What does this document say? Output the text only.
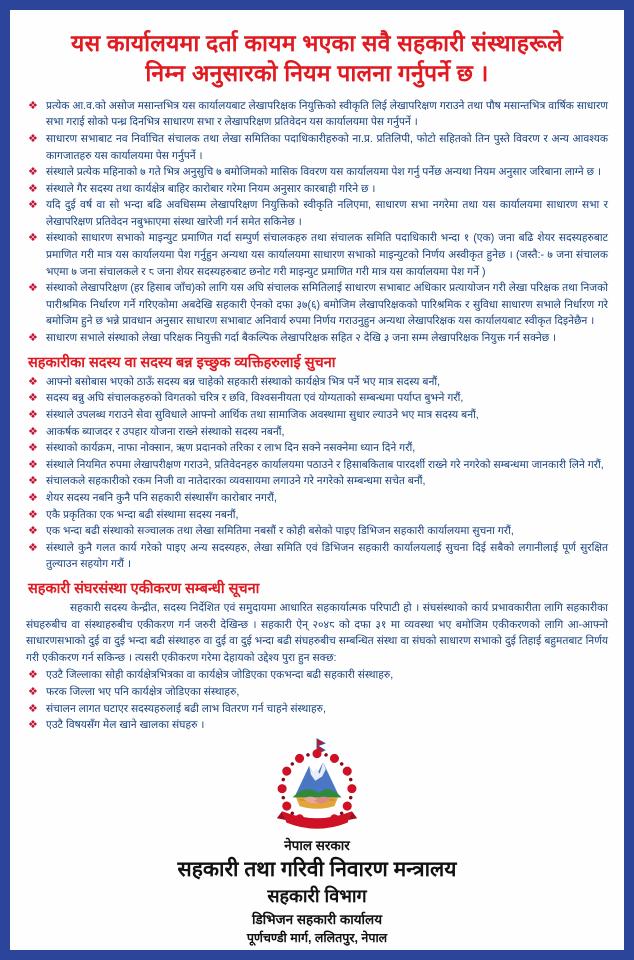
यस कार्यालयमा दर्ता कायम भएका सवै सहकारी संस्थाहरूले
निम्न अनुसारको नियम पालना गर्नुपर्ने छ ।
❖ प्रत्येक आ.व.को असोज मसान्तभित्र यस कार्यालयबाट लेखापरिक्षक नियुक्तिको स्वीकृति लिई लेखापरिक्षण गराउने तथा पौष मसान्तभित्र वार्षिक साधारण सभा गराई सोको पन्ध्र दिनभित्र साधारण सभा र लेखापरिक्षण प्रतिवेदन यस कार्यालयमा पेस गर्नुपर्ने ।
❖ साधारण सभाबाट नव निर्वाचित संचालक तथा लेखा समितिका पदाधिकारीहरुको ना.प्र. प्रतिलिपी, फोटो सहितको तिन पुस्ते विवरण र अन्य आवश्यक कागजातहरु यस कार्यालयमा पेस गर्नुपर्ने ।
❖ संस्थाले प्रत्येक महिनाको ७ गते भित्र अनुसुचि ७ बमोजिमको मासिक विवरण यस कार्यालयमा पेश गर्नु पर्नेछ अन्यथा नियम अनुसार जरिबाना लाग्ने छ ।
❖ संस्थाले गैर सदस्य तथा कार्यक्षेत्र बाहिर कारोबार गरेमा नियम अनुसार कारबाही गरिने छ ।
❖ यदि दुई वर्ष वा सो भन्दा बढि अवधिसम्म लेखापरिक्षण नियुक्तिको स्वीकृति नलिएमा, साधारण सभा नगरेमा तथा यस कार्यालयमा साधारण सभा र लेखापरिक्षण प्रतिवेदन नबुझाएमा संस्था खारेजी गर्न समेत सकिनेछ ।
❖ संस्थाको साधारण सभाको माइन्युट प्रमाणित गर्दा सम्पुर्ण संचालकहरु तथा संचालक समिति पदाधिकारी भन्दा १ (एक) जना बढि शेयर सदस्यहरुबाट प्रमाणित गरी मात्र यस कार्यालयमा पेश गर्नुहुन अन्यथा यस कार्यालयमा साधारण सभाको माइन्युटको निर्णय अस्वीकृत हुनेछ । (जस्तै:- ७ जना संचालक भएमा ७ जना संचालकले र ८ जना शेयर सदस्यहरुबाट छनोट गरी माइन्युट प्रमाणित गरी मात्र यस कार्यालयमा पेश गर्ने )
❖ संस्थाको लेखापरिक्षण (हर हिसाब जाँच)को लागि यस अघि संचालक समितिलाई साधारण सभाबाट अधिकार प्रत्यायोजन गरी लेखा परिक्षक तथा निजको पारीश्रमिक निर्धारण गर्ने गरिएकोमा अबदेखि सहकारी ऐनको दफा ३७(६) बमोजिम लेखापरिक्षकको पारिश्रमिक र सुविधा साधारण सभाले निर्धारण गरे बमोजिम हुने छ भन्ने प्रावधान अनुसार साधारण सभाबाट अनिवार्य रुपमा निर्णय गराउनुहुन अन्यथा लेखापरिक्षक यस कार्यालयबाट स्वीकृत दिइनेछैन ।
❖ साधारण सभाले संस्थाको लेखा परिक्षक नियुक्ती गर्दा बैकल्पिक लेखापरिक्षक सहित २ देखि ३ जना सम्म लेखापरिक्षक नियुक्त गर्न सक्नेछ ।
सहकारीका सदस्य वा सदस्य बन्न इच्छुक व्यक्तिहरुलाई सुचना
❖ आफ्नो बसोबास भएको ठाऊँ सदस्य बन्न चाहेको सहकारी संस्थाको कार्यक्षेत्र भित्र पर्ने भए मात्र सदस्य बनौं,
❖ सदस्य बन्नु अघि संचालकहरुको विगतको चरित्र र छवि, विश्वसनीयता एवं योग्यताको सम्बन्धमा पर्याप्त बुझ्ने गरौं,
❖ संस्थाले उपलब्ध गराउने सेवा सुविधाले आफ्नो आर्थिक तथा सामाजिक अवस्थामा सुधार ल्याउने भए मात्र सदस्य बनौं,
❖ आकर्षक ब्याजदर र उपहार योजना राख्ने संस्थाको सदस्य नबनौं,
❖ संस्थाको कार्यक्रम, नाफा नोक्सान, ऋण प्रदानको तरिका र लाभ दिन सक्ने नसक्नेमा ध्यान दिने गरौं,
❖ संस्थाले नियमित रुपमा लेखापरीक्षण गराउने, प्रतिवेदनहरु कार्यालयमा पठाउने र हिसाबकिताब पारदर्शी राख्ने गरे नगरेको सम्बन्धमा जानकारी लिने गरौं,
❖ संचालकले सहकारीको रकम निजी वा नातेदारका व्यवसायमा लगाउने गरे नगरेको सम्बन्धमा सचेत बनौं,
❖ शेयर सदस्य नबनि कुनै पनि सहकारी संस्थासँग कारोबार नगरौं,
❖ एकै प्रकृतिका एक भन्दा बढी संस्थामा सदस्य नबनौं,
❖ एक भन्दा बढी संस्थाको सञ्चालक तथा लेखा समितिमा नबसौं र कोही बसेको पाइए डिभिजन सहकारी कार्यालयमा सुचना गरौं,
❖ संस्थाले कुनै गलत कार्य गरेको पाइए अन्य सदस्यहरु, लेखा समिति एवं डिभिजन सहकारी कार्यालयलाई सुचना दिई सबैको लगानीलाई पूर्ण सुरक्षित तुल्याउन सहयोग गरौं ।
सहकारी संघरसंस्था एकीकरण सम्बन्धी सूचना
सहकारी सदस्य केन्द्रीत, सदस्य निर्देशित एवं समुदायमा आधारित सहकार्यात्मक परिपाटी हो । संघसंस्थाको कार्य प्रभावकारीता लागि सहकारीका संघहरुबीच वा संस्थाहरुबीच एकीकरण गर्न जरुरी देखिन्छ । सहकारी ऐन् २०४८ को दफा ३१ मा व्यवस्था भए बमोजिम एकीकरणको लागि आ-आफ्नो साधारणसभाको दुई वा दुई भन्दा बढी संस्थाहरु वा दुई वा दुई भन्दा बढी संघहरुबीच सम्बन्धित संस्था वा संघको साधारण सभाको दुई तिहाई बहुमतबाट निर्णय गरी एकीकरण गर्न सकिन्छ । त्यसरी एकीकरण गरेमा देहायको उद्देश्य पुरा हुन सक्छ:
❖ एउटै जिल्लाका सोही कार्यक्षेत्रभित्रका वा कार्यक्षेत्र जोडिएका एकभन्दा बढी सहकारी संस्थाहरु,
❖ फरक जिल्ला भए पनि कार्यक्षेत्र जोडिएका संस्थाहरु,
❖ संचालन लागत घटाएर सदस्यहरुलाई बढी लाभ वितरण गर्न चाहने संस्थाहरु,
❖ एउटै विषयसँग मेल खाने खालका संघहरु ।
नेपाल सरकार
सहकारी तथा गरिवी निवारण मन्त्रालय
सहकारी विभाग
डिभिजन सहकारी कार्यालय
पूर्णचण्डी मार्ग, ललितपुर, नेपाल
